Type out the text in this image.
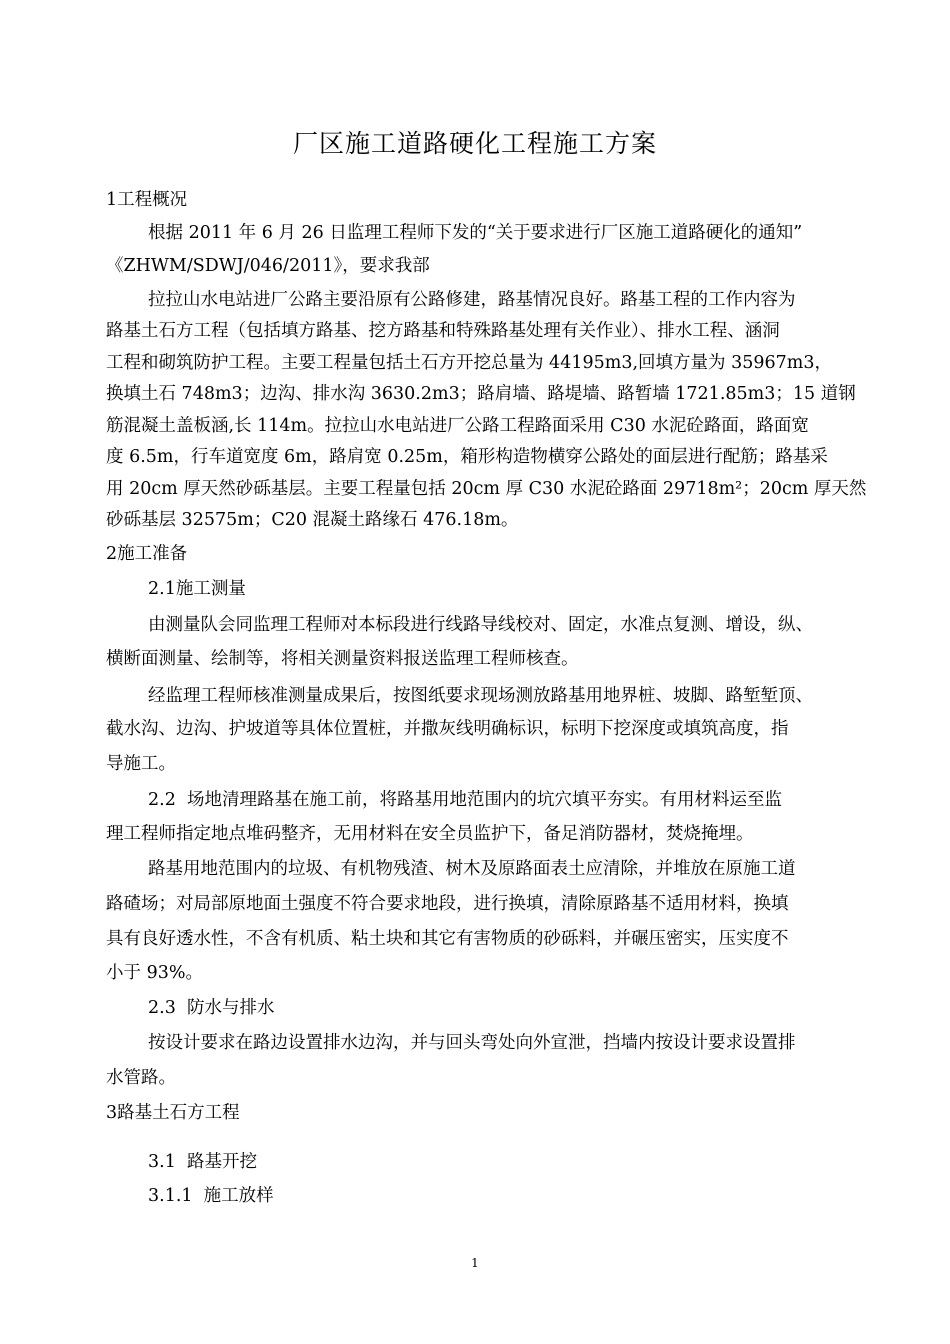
厂区施工道路硬化工程施工方案
1工程概况
根据 2011 年 6 月 26 日监理工程师下发的“关于要求进行厂区施工道路硬化的通知”
《ZHWM/SDWJ/046/2011》，要求我部
拉拉山水电站进厂公路主要沿原有公路修建，路基情况良好。路基工程的工作内容为
路基土石方工程（包括填方路基、挖方路基和特殊路基处理有关作业）、排水工程、涵洞
工程和砌筑防护工程。主要工程量包括土石方开挖总量为 44195m3,回填方量为 35967m3，
换填土石 748m3；边沟、排水沟 3630.2m3；路肩墙、路堤墙、路暂墙 1721.85m3；15 道钢
筋混凝土盖板涵,长 114m。拉拉山水电站进厂公路工程路面采用 C30 水泥砼路面，路面宽
度 6.5m，行车道宽度 6m，路肩宽 0.25m，箱形构造物横穿公路处的面层进行配筋；路基采
用 20cm 厚天然砂砾基层。主要工程量包括 20cm 厚 C30 水泥砼路面 29718m²；20cm 厚天然
砂砾基层 32575m；C20 混凝土路缘石 476.18m。
2施工准备
2.1施工测量
由测量队会同监理工程师对本标段进行线路导线校对、固定，水准点复测、增设，纵、
横断面测量、绘制等，将相关测量资料报送监理工程师核查。
经监理工程师核准测量成果后，按图纸要求现场测放路基用地界桩、坡脚、路堑堑顶、
截水沟、边沟、护坡道等具体位置桩，并撒灰线明确标识，标明下挖深度或填筑高度，指
导施工。
2.2  场地清理路基在施工前，将路基用地范围内的坑穴填平夯实。有用材料运至监
理工程师指定地点堆码整齐，无用材料在安全员监护下，备足消防器材，焚烧掩埋。
路基用地范围内的垃圾、有机物残渣、树木及原路面表土应清除，并堆放在原施工道
路碴场；对局部原地面土强度不符合要求地段，进行换填，清除原路基不适用材料，换填
具有良好透水性，不含有机质、粘土块和其它有害物质的砂砾料，并碾压密实，压实度不
小于 93%。
2.3  防水与排水
按设计要求在路边设置排水边沟，并与回头弯处向外宣泄，挡墙内按设计要求设置排
水管路。
3路基土石方工程
3.1  路基开挖
3.1.1  施工放样
1
